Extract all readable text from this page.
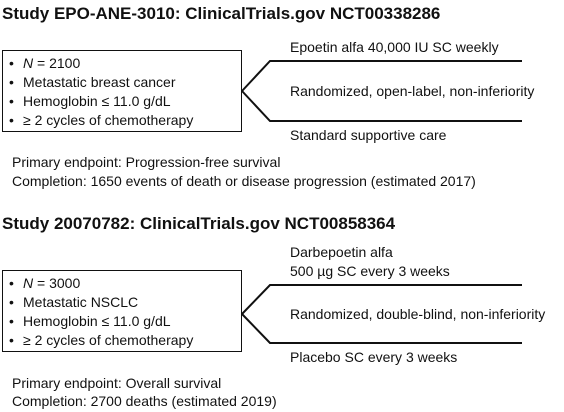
Study EPO-ANE-3010: ClinicalTrials.gov NCT00338286
• N = 2100
• Metastatic breast cancer
• Hemoglobin ≤ 11.0 g/dL
• ≥ 2 cycles of chemotherapy
Epoetin alfa 40,000 IU SC weekly
Randomized, open-label, non-inferiority
Standard supportive care
Primary endpoint: Progression-free survival
Completion: 1650 events of death or disease progression (estimated 2017)
Study 20070782: ClinicalTrials.gov NCT00858364
• N = 3000
• Metastatic NSCLC
• Hemoglobin ≤ 11.0 g/dL
• ≥ 2 cycles of chemotherapy
Darbepoetin alfa
500 µg SC every 3 weeks
Randomized, double-blind, non-inferiority
Placebo SC every 3 weeks
Primary endpoint: Overall survival
Completion: 2700 deaths (estimated 2019)
